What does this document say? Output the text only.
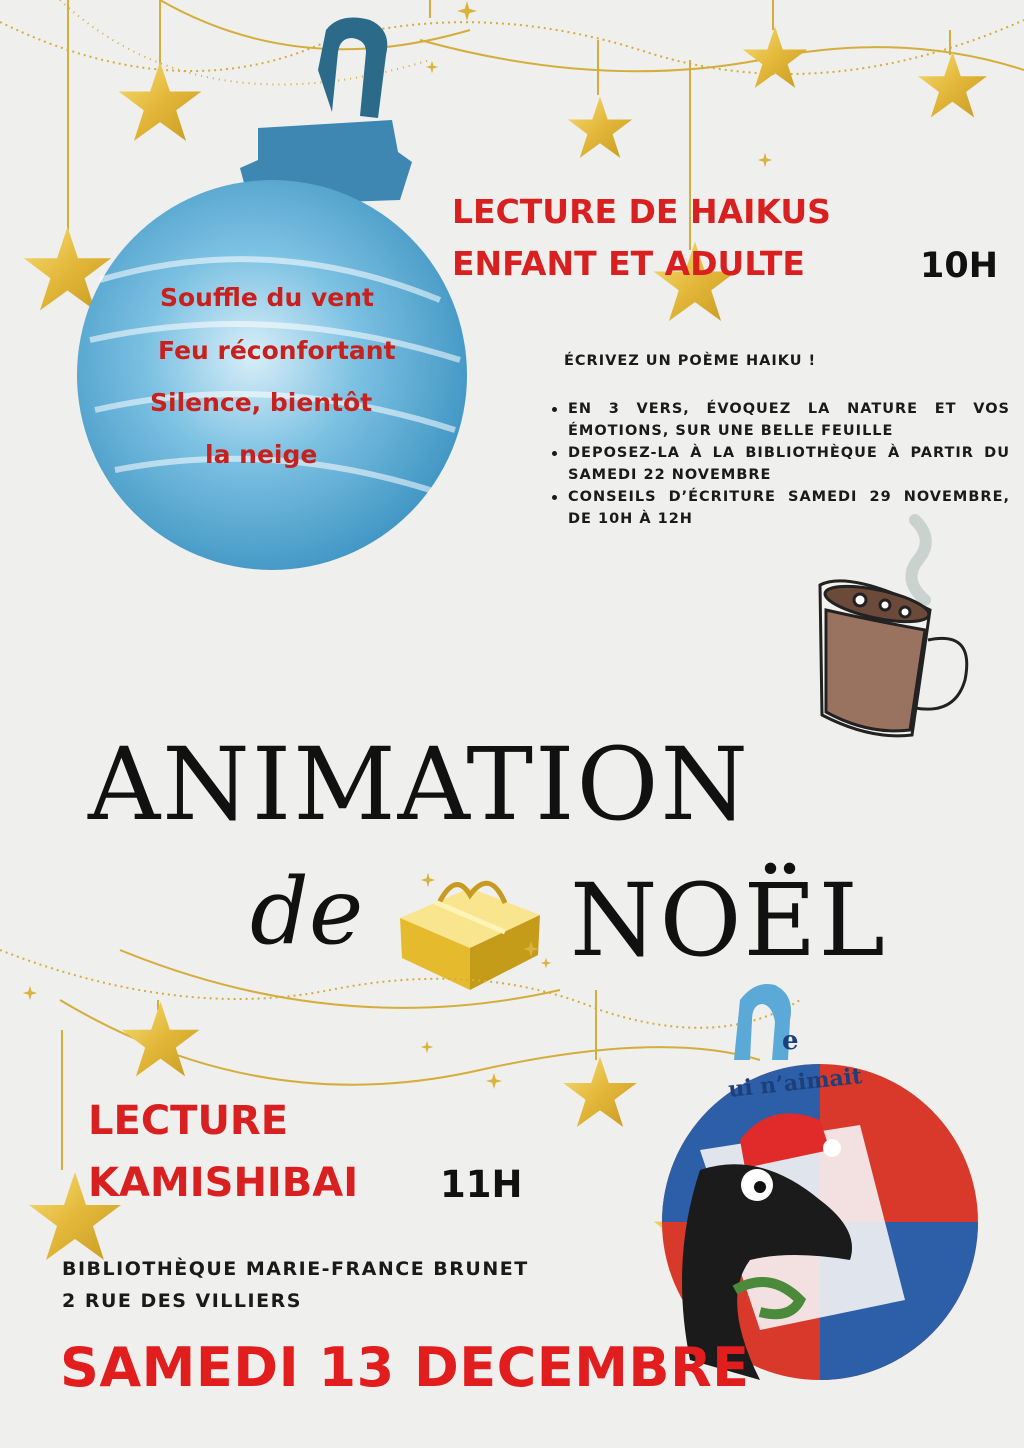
Souffle du vent
Feu réconfortant
Silence, bientôt
la neige
LECTURE DE HAIKUS
ENFANT ET ADULTE	10H
ÉCRIVEZ UN POÈME HAIKU !
EN 3 VERS, ÉVOQUEZ LA NATURE ET VOS ÉMOTIONS, SUR UNE BELLE FEUILLE
DEPOSEZ-LA À LA BIBLIOTHÈQUE À PARTIR DU SAMEDI 22 NOVEMBRE
CONSEILS D’ÉCRITURE SAMEDI 29 NOVEMBRE, DE 10H À 12H
ANIMATION
de NOËL
e
ui n’aimait
LECTURE
KAMISHIBAI 11H
BIBLIOTHÈQUE MARIE-FRANCE BRUNET
2 RUE DES VILLIERS
SAMEDI 13 DECEMBRE
